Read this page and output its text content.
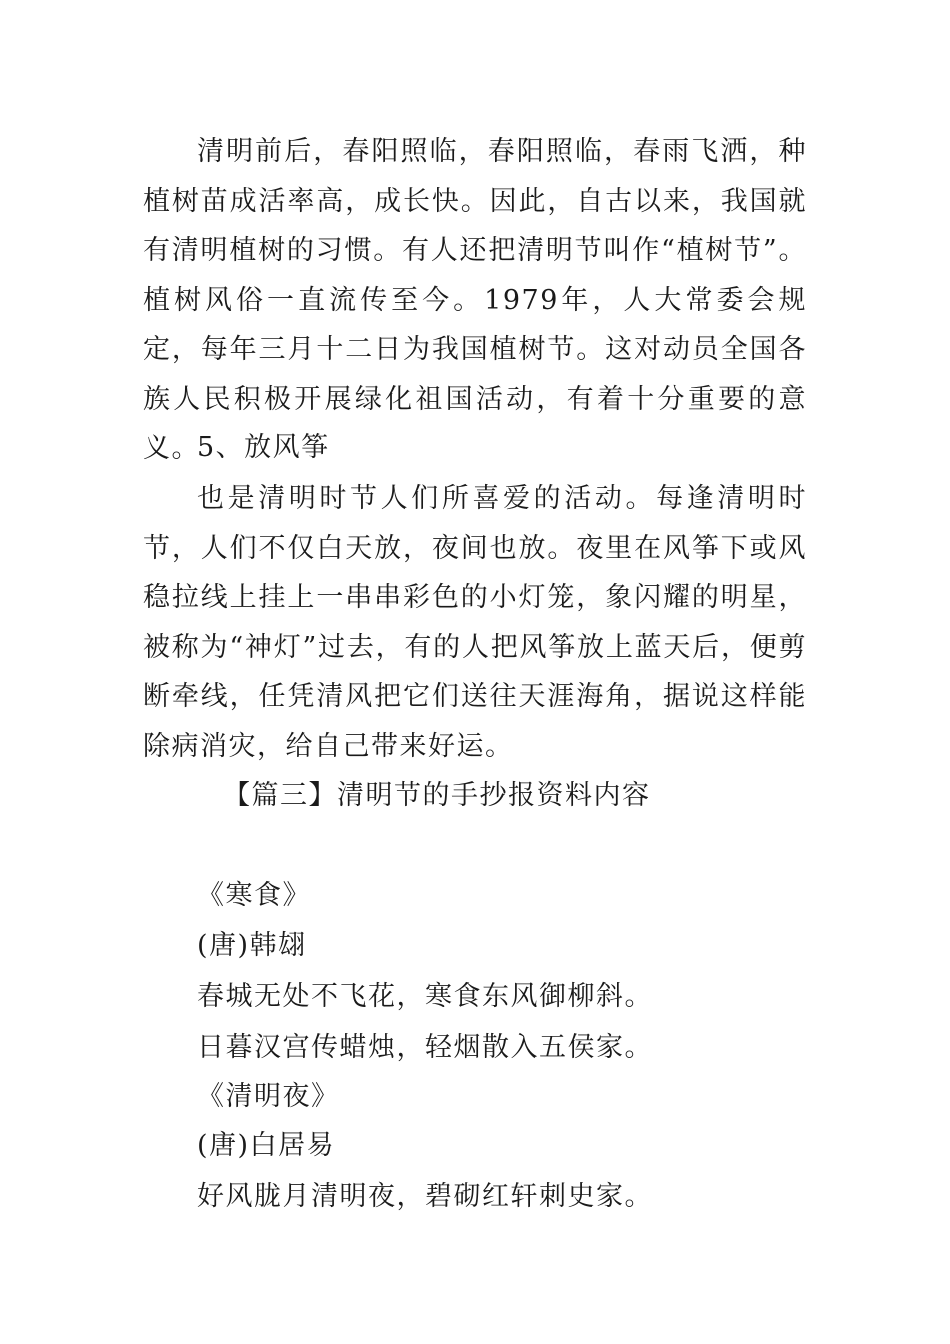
清明前后，春阳照临，春阳照临，春雨飞洒，种植树苗成活率高，成长快。因此，自古以来，我国就有清明植树的习惯。有人还把清明节叫作“植树节”。植树风俗一直流传至今。1979年，人大常委会规定，每年三月十二日为我国植树节。这对动员全国各族人民积极开展绿化祖国活动，有着十分重要的意义。
5、放风筝
也是清明时节人们所喜爱的活动。每逢清明时节，人们不仅白天放，夜间也放。夜里在风筝下或风稳拉线上挂上一串串彩色的小灯笼，象闪耀的明星，被称为“神灯”过去，有的人把风筝放上蓝天后，便剪断牵线，任凭清风把它们送往天涯海角，据说这样能除病消灾，给自己带来好运。
【篇三】清明节的手抄报资料内容
《寒食》
(唐)韩翃
春城无处不飞花，寒食东风御柳斜。
日暮汉宫传蜡烛，轻烟散入五侯家。
《清明夜》
(唐)白居易
好风胧月清明夜，碧砌红轩刺史家。
